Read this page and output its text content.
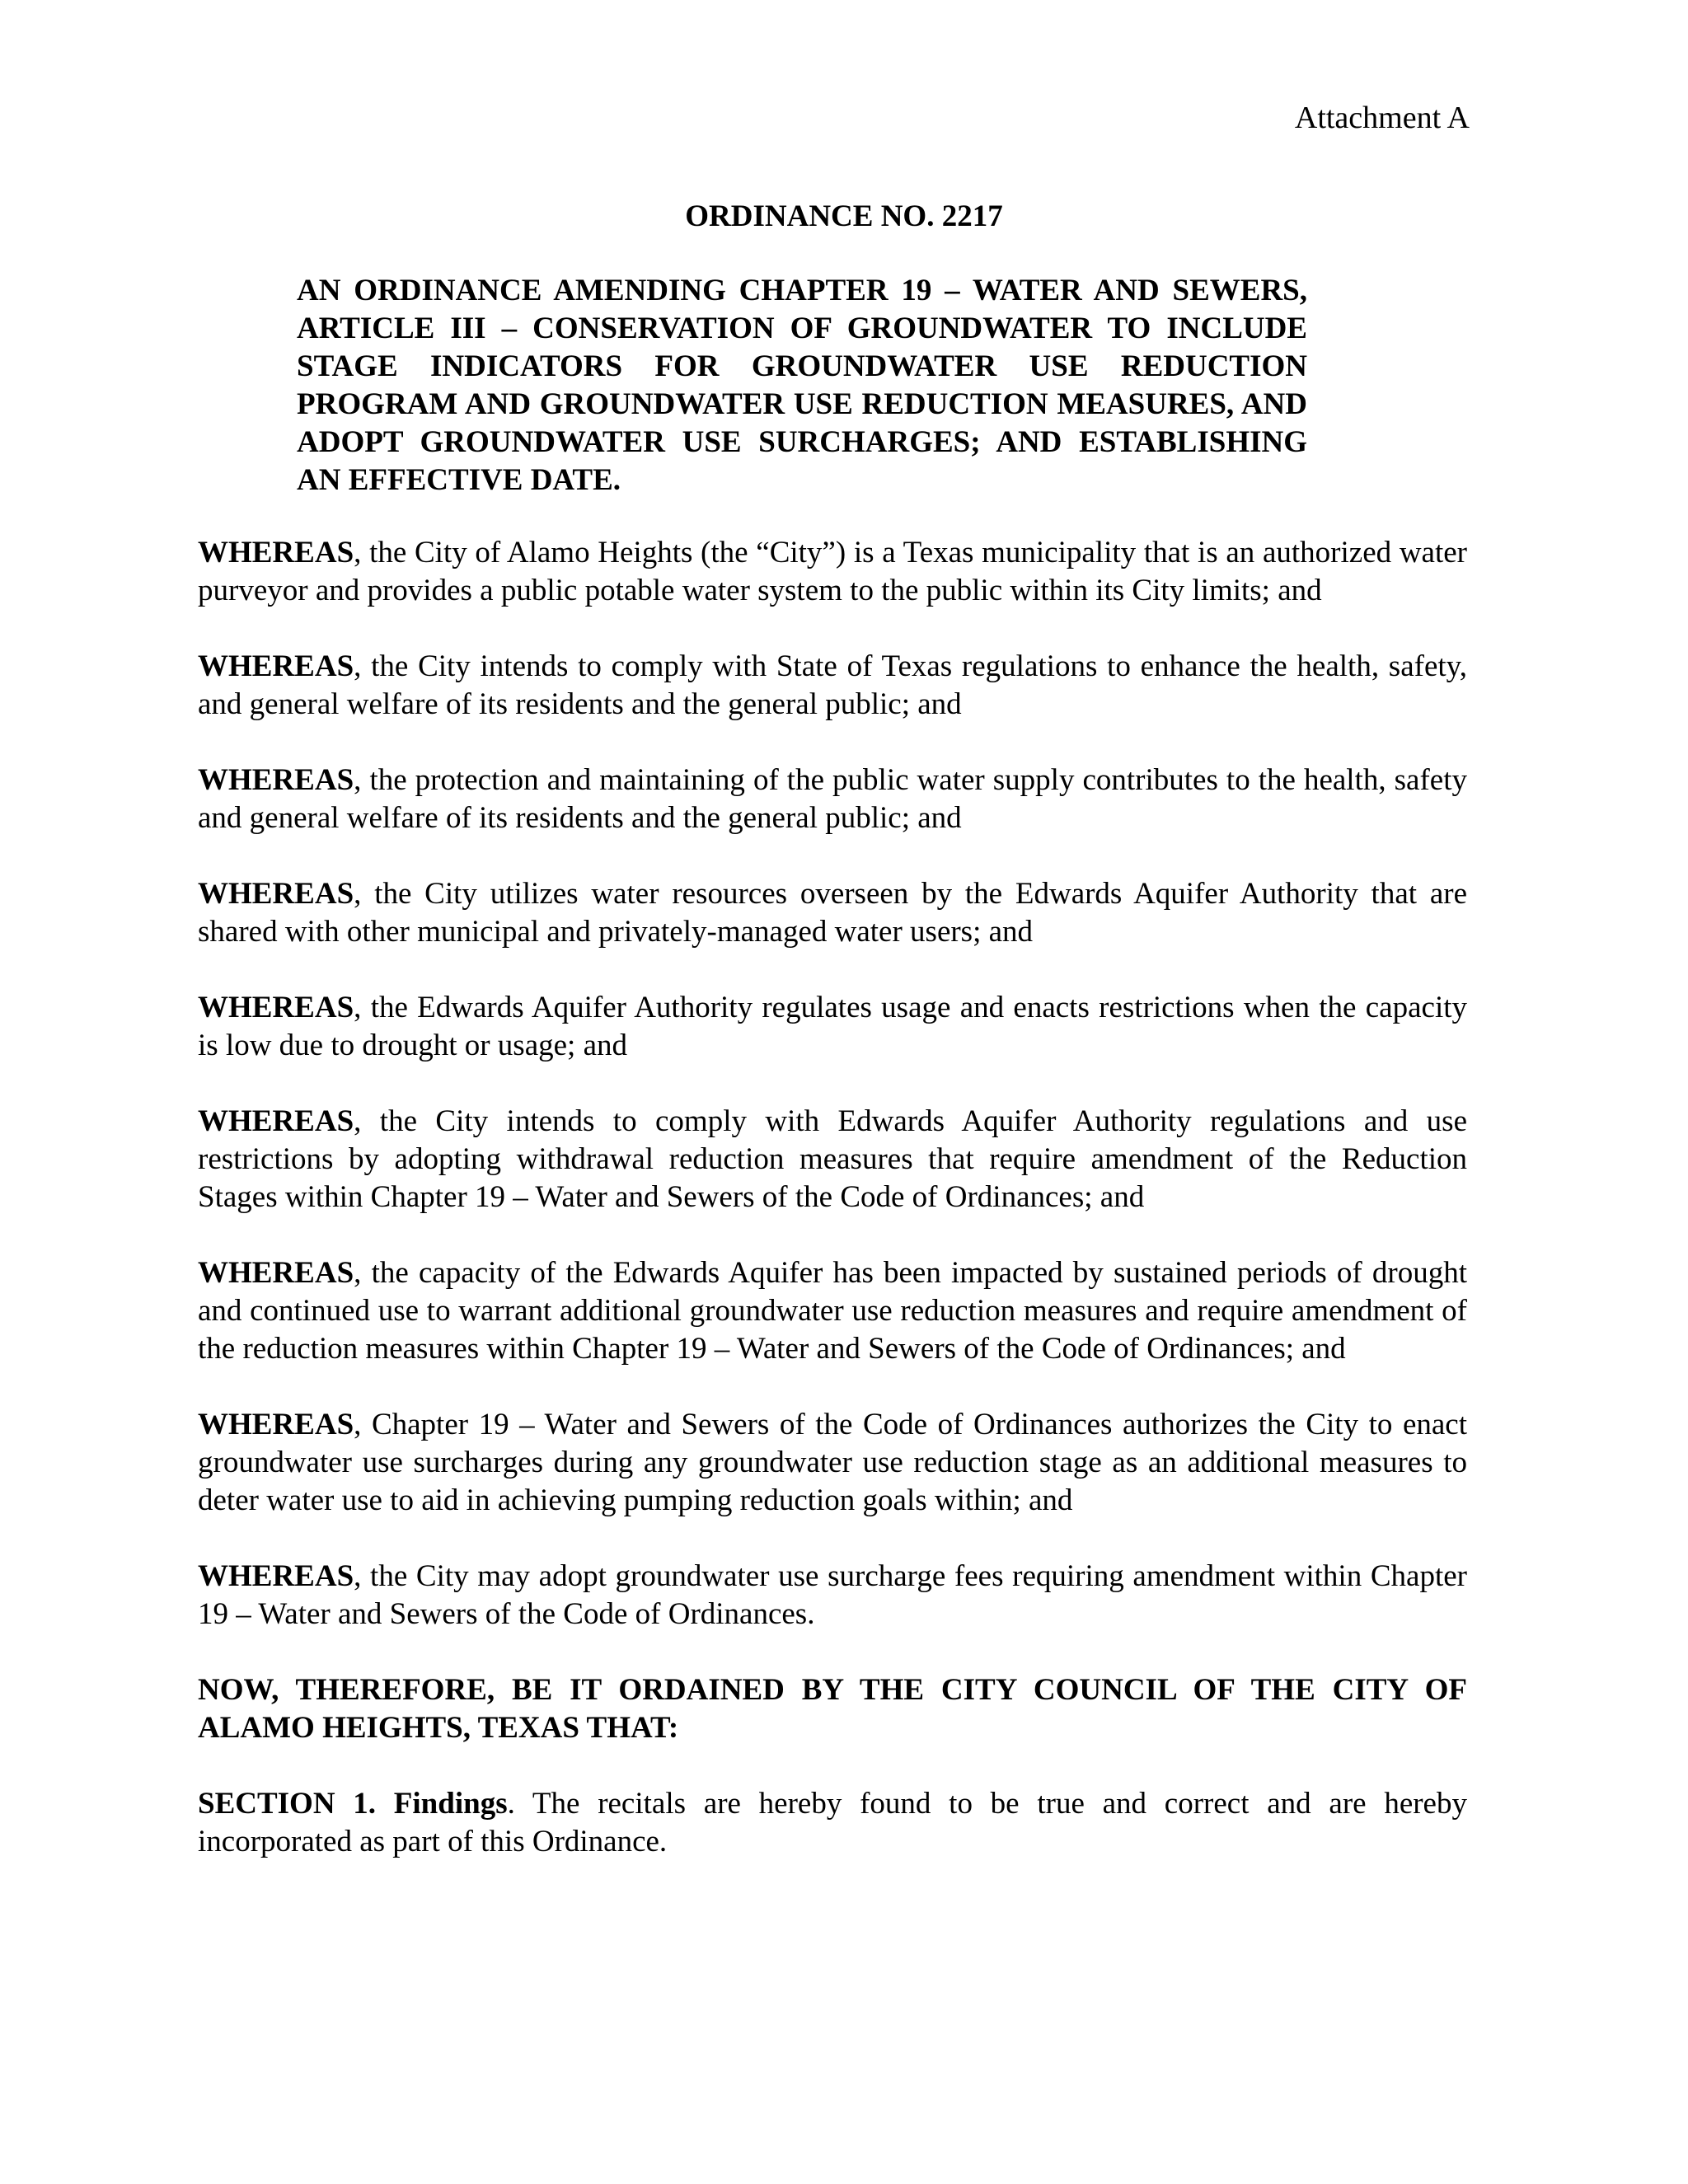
Attachment A
ORDINANCE NO. 2217
AN ORDINANCE AMENDING CHAPTER 19 – WATER AND SEWERS, ARTICLE III – CONSERVATION OF GROUNDWATER TO INCLUDE STAGE INDICATORS FOR GROUNDWATER USE REDUCTION PROGRAM AND GROUNDWATER USE REDUCTION MEASURES, AND ADOPT GROUNDWATER USE SURCHARGES; AND ESTABLISHING AN EFFECTIVE DATE.

WHEREAS, the City of Alamo Heights (the “City”) is a Texas municipality that is an authorized water purveyor and provides a public potable water system to the public within its City limits; and

WHEREAS, the City intends to comply with State of Texas regulations to enhance the health, safety, and general welfare of its residents and the general public; and

WHEREAS, the protection and maintaining of the public water supply contributes to the health, safety and general welfare of its residents and the general public; and

WHEREAS, the City utilizes water resources overseen by the Edwards Aquifer Authority that are shared with other municipal and privately-managed water users; and

WHEREAS, the Edwards Aquifer Authority regulates usage and enacts restrictions when the capacity is low due to drought or usage; and

WHEREAS, the City intends to comply with Edwards Aquifer Authority regulations and use restrictions by adopting withdrawal reduction measures that require amendment of the Reduction Stages within Chapter 19 – Water and Sewers of the Code of Ordinances; and

WHEREAS, the capacity of the Edwards Aquifer has been impacted by sustained periods of drought and continued use to warrant additional groundwater use reduction measures and require amendment of the reduction measures within Chapter 19 – Water and Sewers of the Code of Ordinances; and

WHEREAS, Chapter 19 – Water and Sewers of the Code of Ordinances authorizes the City to enact groundwater use surcharges during any groundwater use reduction stage as an additional measures to deter water use to aid in achieving pumping reduction goals within; and

WHEREAS, the City may adopt groundwater use surcharge fees requiring amendment within Chapter 19 – Water and Sewers of the Code of Ordinances.

NOW, THEREFORE, BE IT ORDAINED BY THE CITY COUNCIL OF THE CITY OF ALAMO HEIGHTS, TEXAS THAT:

SECTION 1. Findings. The recitals are hereby found to be true and correct and are hereby incorporated as part of this Ordinance.
